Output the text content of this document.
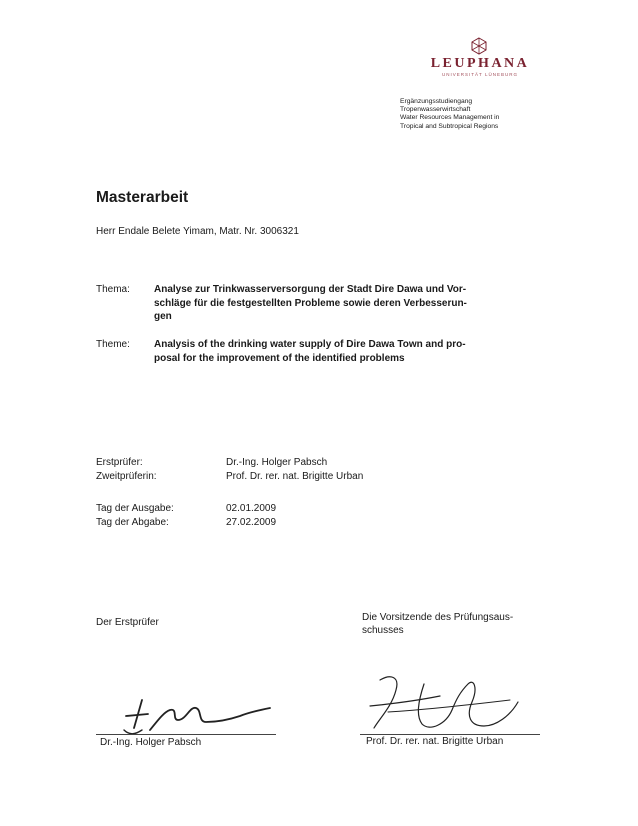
LEUPHANA
UNIVERSITÄT LÜNEBURG
Ergänzungsstudiengang
Tropenwasserwirtschaft
Water Resources Management in
Tropical and Subtropical Regions
Masterarbeit
Herr Endale Belete Yimam, Matr. Nr. 3006321
Thema: Analyse zur Trinkwasserversorgung der Stadt Dire Dawa und Vor-
schläge für die festgestellten Probleme sowie deren Verbesserun-
gen
Theme: Analysis of the drinking water supply of Dire Dawa Town and pro-
posal for the improvement of the identified problems
Erstprüfer:	Dr.-Ing. Holger Pabsch
Zweitprüferin:	Prof. Dr. rer. nat. Brigitte Urban
Tag der Ausgabe:	02.01.2009
Tag der Abgabe:	27.02.2009
Der Erstprüfer	Die Vorsitzende des Prüfungsaus-
schusses
Dr.-Ing. Holger Pabsch	Prof. Dr. rer. nat. Brigitte Urban
